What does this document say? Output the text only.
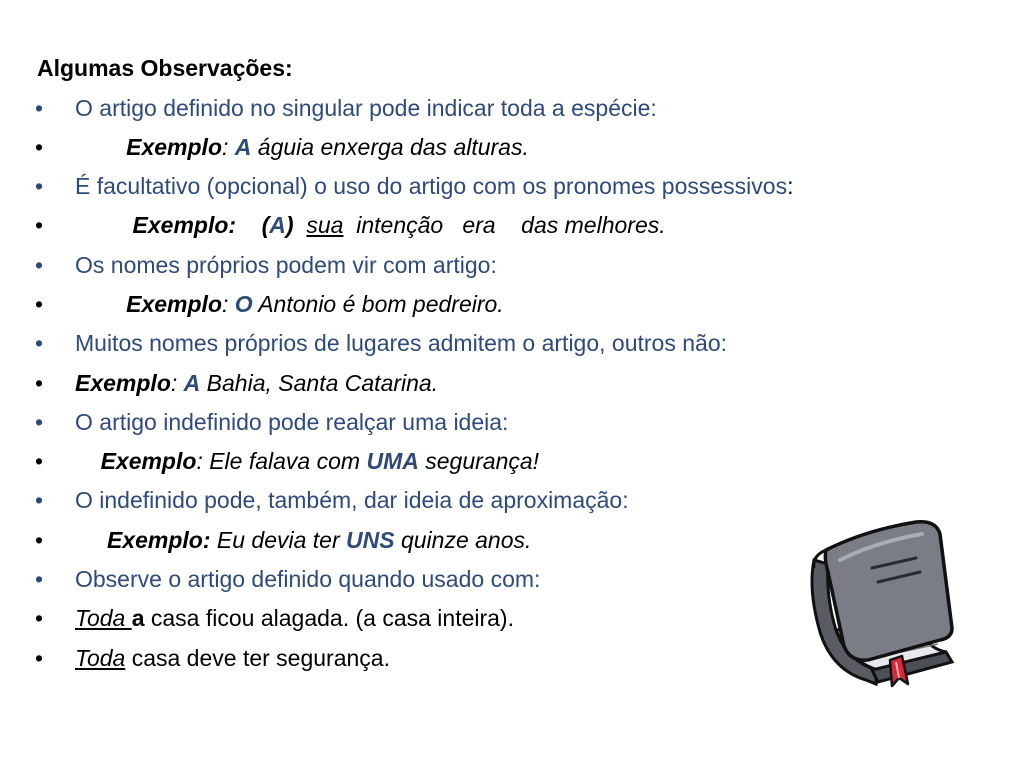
Algumas Observações:

•

	O artigo definido no singular pode indicar toda a espécie:

•

	Exemplo: A águia enxerga das alturas.

•

	É facultativo (opcional) o uso do artigo com os pronomes possessivos:

•

	Exemplo:    (A) sua  intenção   era    das melhores.

•

	Os nomes próprios podem vir com artigo:

•

	Exemplo: O Antonio é bom pedreiro.

•

	Muitos nomes próprios de lugares admitem o artigo, outros não:

•

	Exemplo: A Bahia, Santa Catarina.

•

	O artigo indefinido pode realçar uma ideia:

•

	Exemplo: Ele falava com UMA segurança!

•

	O indefinido pode, também, dar ideia de aproximação:

•

	Exemplo: Eu devia ter UNS quinze anos.

•

	Observe o artigo definido quando usado com:

•

	Toda a casa ficou alagada. (a casa inteira).

•

	Toda casa deve ter segurança.
